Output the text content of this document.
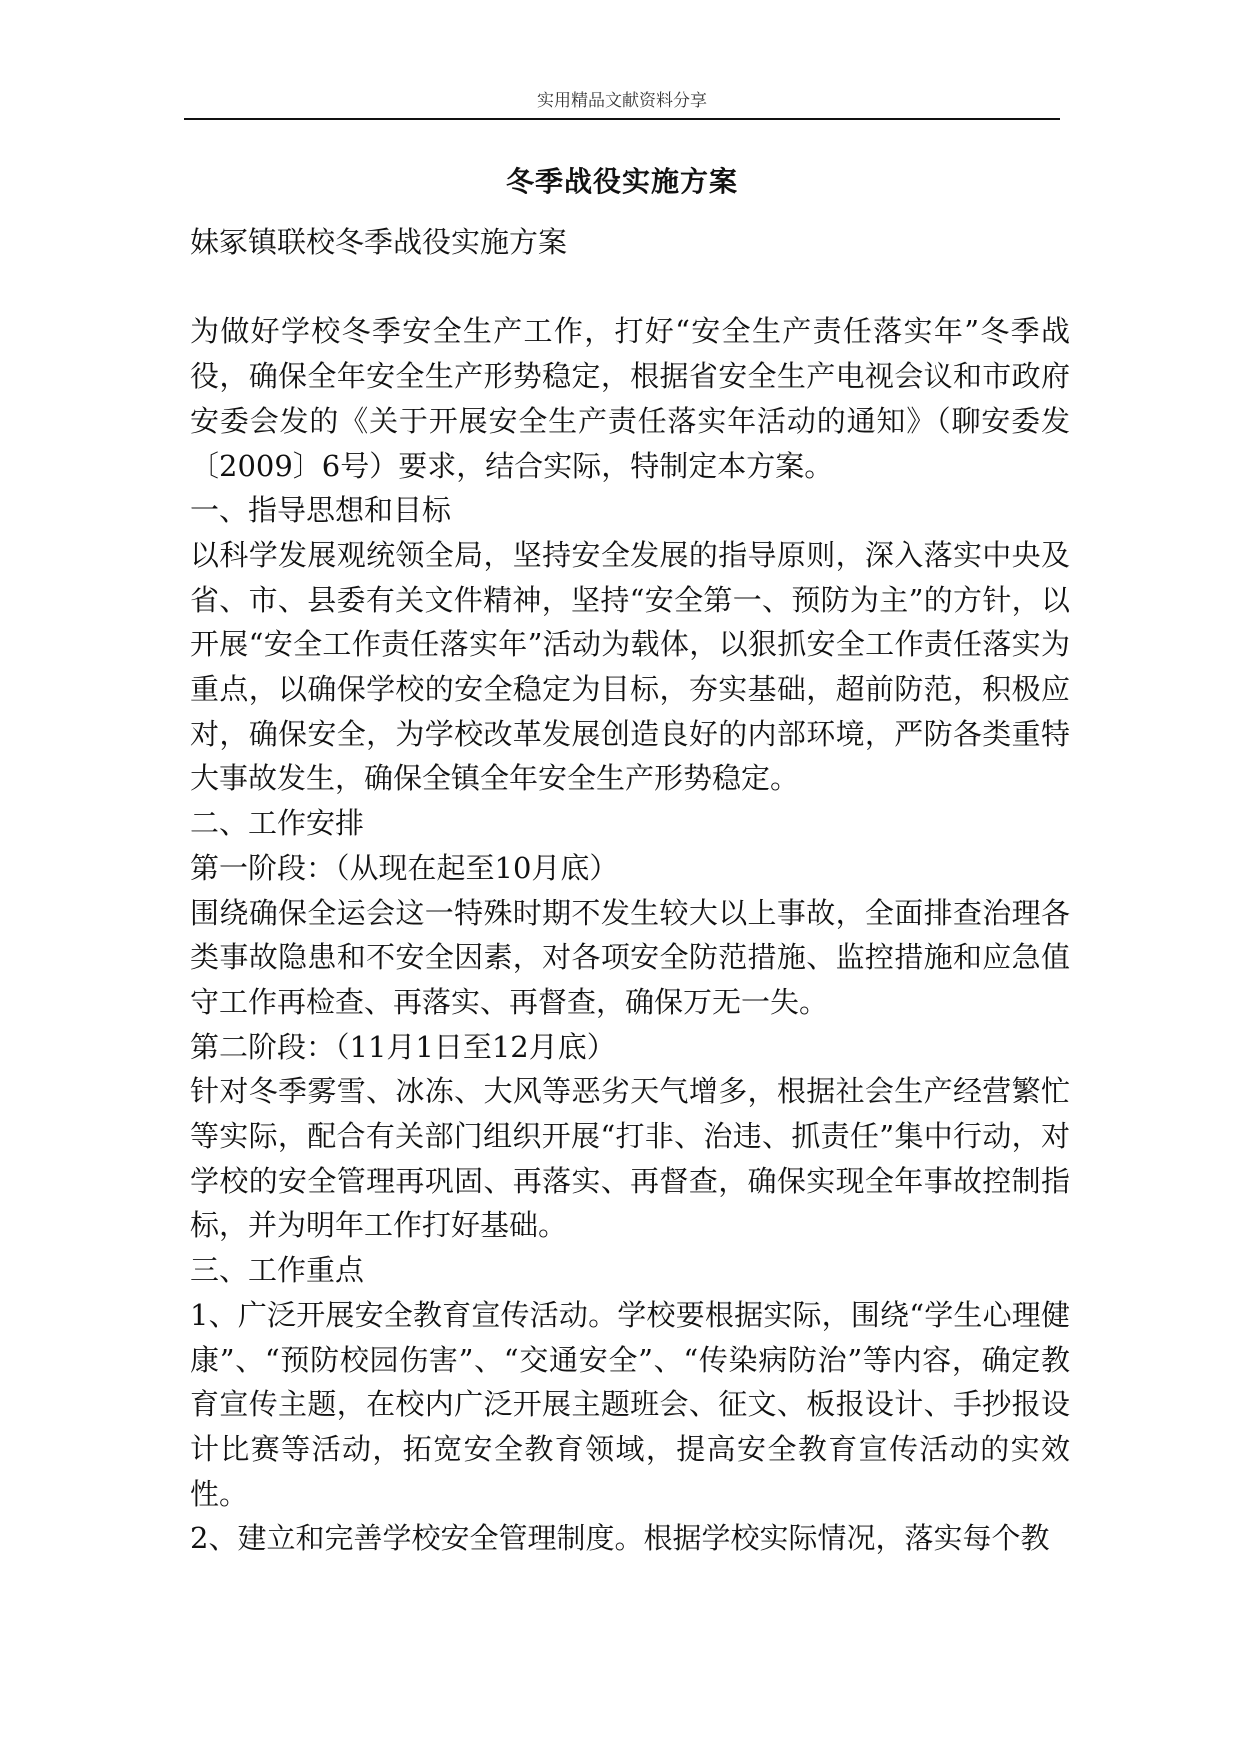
实用精品文献资料分享
冬季战役实施方案

妹冢镇联校冬季战役实施方案

为做好学校冬季安全生产工作，打好“安全生产责任落实年”冬季战役，确保全年安全生产形势稳定，根据省安全生产电视会议和市政府安委会发的《关于开展安全生产责任落实年活动的通知》（聊安委发〔2009〕6号）要求，结合实际，特制定本方案。

一、指导思想和目标

以科学发展观统领全局，坚持安全发展的指导原则，深入落实中央及省、市、县委有关文件精神，坚持“安全第一、预防为主”的方针，以开展“安全工作责任落实年”活动为载体，以狠抓安全工作责任落实为重点，以确保学校的安全稳定为目标，夯实基础，超前防范，积极应对，确保安全，为学校改革发展创造良好的内部环境，严防各类重特大事故发生，确保全镇全年安全生产形势稳定。

二、工作安排

第一阶段：（从现在起至10月底）

围绕确保全运会这一特殊时期不发生较大以上事故，全面排查治理各类事故隐患和不安全因素，对各项安全防范措施、监控措施和应急值守工作再检查、再落实、再督查，确保万无一失。

第二阶段：（11月1日至12月底）

针对冬季雾雪、冰冻、大风等恶劣天气增多，根据社会生产经营繁忙等实际，配合有关部门组织开展“打非、治违、抓责任”集中行动，对学校的安全管理再巩固、再落实、再督查，确保实现全年事故控制指标，并为明年工作打好基础。

三、工作重点

1、广泛开展安全教育宣传活动。学校要根据实际，围绕“学生心理健康”、“预防校园伤害”、“交通安全”、“传染病防治”等内容，确定教育宣传主题，在校内广泛开展主题班会、征文、板报设计、手抄报设计比赛等活动，拓宽安全教育领域，提高安全教育宣传活动的实效性。

2、建立和完善学校安全管理制度。根据学校实际情况，落实每个教
